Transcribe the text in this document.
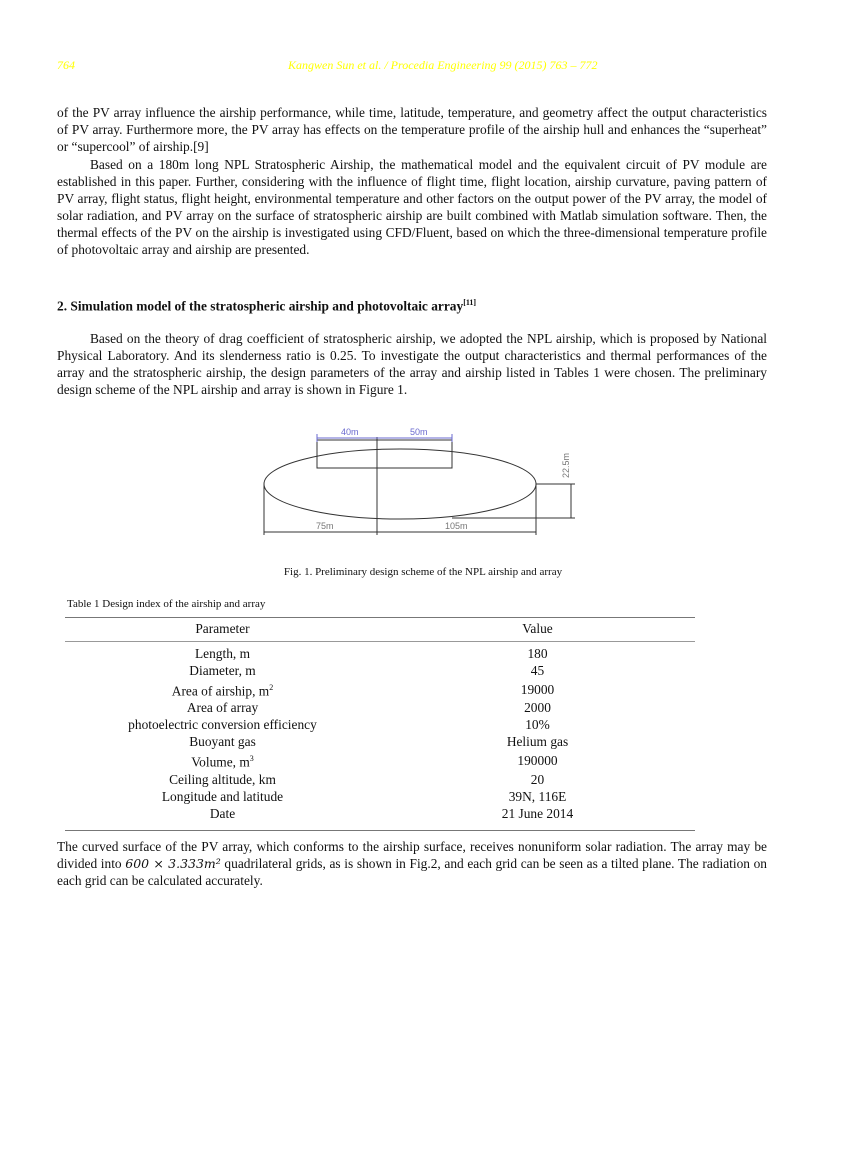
764	Kangwen Sun et al. / Procedia Engineering 99 (2015) 763 – 772

of the PV array influence the airship performance, while time, latitude, temperature, and geometry affect the output characteristics of PV array. Furthermore more, the PV array has effects on the temperature profile of the airship hull and enhances the “superheat” or “supercool” of airship.[9]

Based on a 180m long NPL Stratospheric Airship, the mathematical model and the equivalent circuit of PV module are established in this paper. Further, considering with the influence of flight time, flight location, airship curvature, paving pattern of PV array, flight status, flight height, environmental temperature and other factors on the output power of the PV array, the model of solar radiation, and PV array on the surface of stratospheric airship are built combined with Matlab simulation software. Then, the thermal effects of the PV on the airship is investigated using CFD/Fluent, based on which the three-dimensional temperature profile of photovoltaic array and airship are presented.

2. Simulation model of the stratospheric airship and photovoltaic array[11]

Based on the theory of drag coefficient of stratospheric airship, we adopted the NPL airship, which is proposed by National Physical Laboratory. And its slenderness ratio is 0.25. To investigate the output characteristics and thermal performances of the array and the stratospheric airship, the design parameters of the array and airship listed in Tables 1 were chosen. The preliminary design scheme of the NPL airship and array is shown in Figure 1.

40m	50m
75m	105m
22.5m
Fig. 1. Preliminary design scheme of the NPL airship and array
Table 1 Design index of the airship and array
Parameter	Value
Length, m	180
Diameter, m	45
Area of airship, $m^2$	19000
Area of array	2000
photoelectric conversion efficiency	10%
Buoyant gas	Helium gas
Volume, $m^3$	190000
Ceiling altitude, km	20
Longitude and latitude	39N, 116E
Date	21 June 2014

The curved surface of the PV array, which conforms to the airship surface, receives nonuniform solar radiation. The array may be divided into 600 × 3.333m² quadrilateral grids, as is shown in Fig.2, and each grid can be seen as a tilted plane. The radiation on each grid can be calculated accurately.
